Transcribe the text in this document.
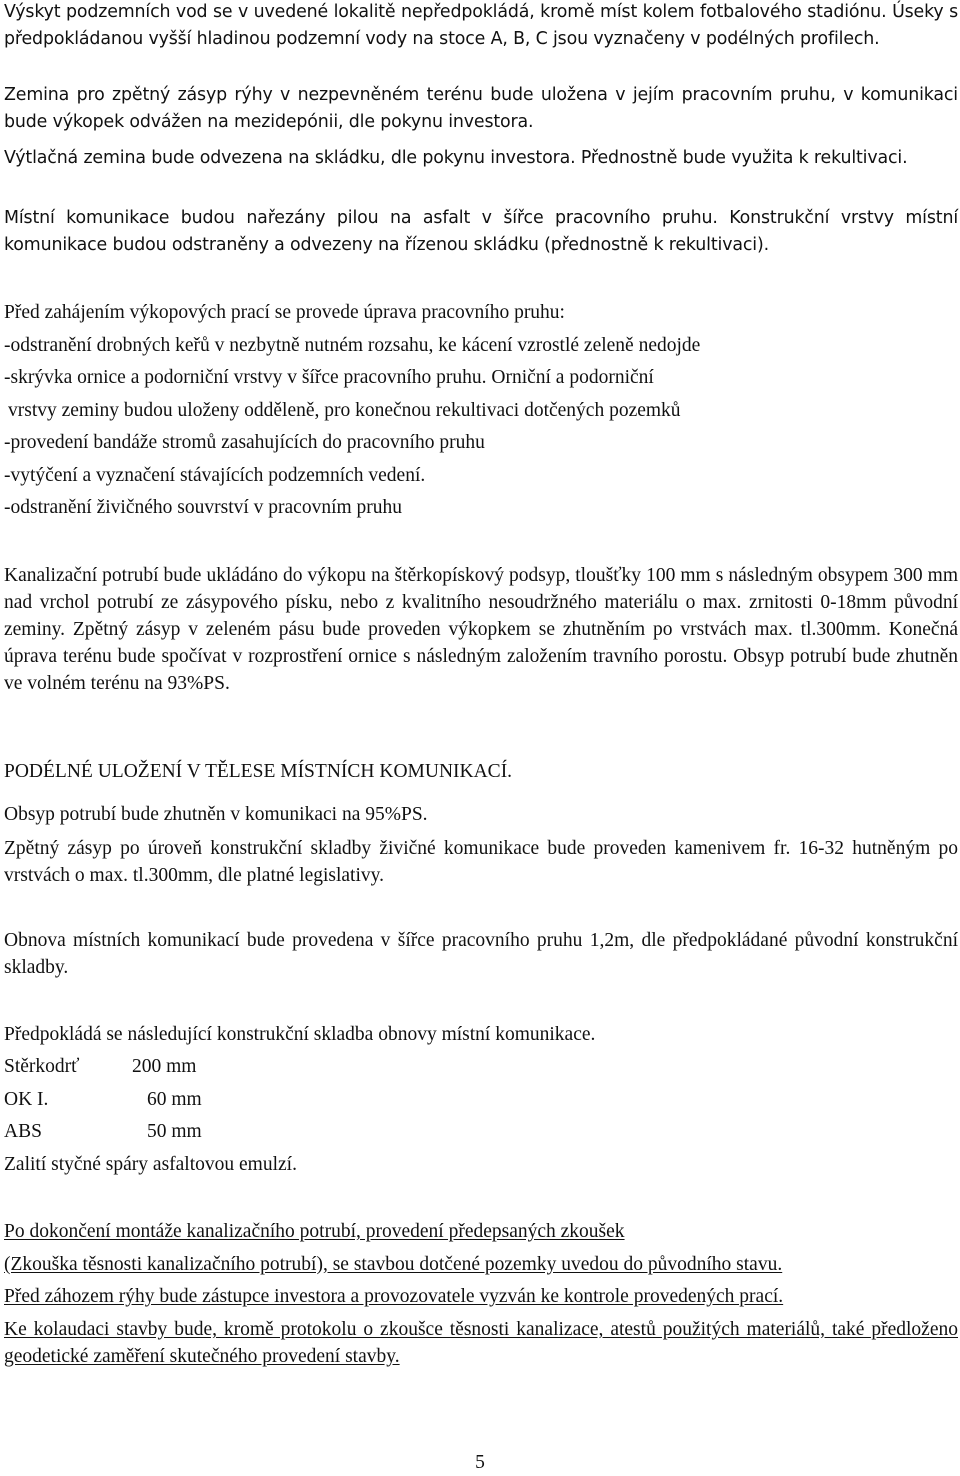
Výskyt podzemních vod se v uvedené lokalitě nepředpokládá, kromě míst kolem fotbalového stadiónu. Úseky s předpokládanou vyšší hladinou podzemní vody na stoce A, B, C jsou vyznačeny v podélných profilech.

Zemina pro zpětný zásyp rýhy v nezpevněném terénu bude uložena v jejím pracovním pruhu, v komunikaci bude výkopek odvážen na mezidepónii, dle pokynu investora.

Výtlačná zemina bude odvezena na skládku, dle pokynu investora. Přednostně bude využita k rekultivaci.

Místní komunikace budou nařezány pilou na asfalt v šířce pracovního pruhu. Konstrukční vrstvy místní komunikace budou odstraněny a odvezeny na řízenou skládku (přednostně k rekultivaci).

Před zahájením výkopových prací se provede úprava pracovního pruhu:
-odstranění drobných keřů v nezbytně nutném rozsahu, ke kácení vzrostlé zeleně nedojde
-skrývka ornice a podorniční vrstvy v šířce pracovního pruhu. Orniční a podorniční
vrstvy zeminy budou uloženy odděleně, pro konečnou rekultivaci dotčených pozemků
-provedení bandáže stromů zasahujících do pracovního pruhu
-vytýčení a vyznačení stávajících podzemních vedení.
-odstranění živičného souvrství v pracovním pruhu

Kanalizační potrubí bude ukládáno do výkopu na štěrkopískový podsyp, tloušťky 100 mm s následným obsypem 300 mm nad vrchol potrubí ze zásypového písku, nebo z kvalitního nesoudržného materiálu o max. zrnitosti 0-18mm původní zeminy. Zpětný zásyp v zeleném pásu bude proveden výkopkem se zhutněním po vrstvách max. tl.300mm. Konečná úprava terénu bude spočívat v rozprostření ornice s následným založením travního porostu. Obsyp potrubí bude zhutněn ve volném terénu na 93%PS.

PODÉLNÉ ULOŽENÍ V TĚLESE MÍSTNÍCH KOMUNIKACÍ.

Obsyp potrubí bude zhutněn v komunikaci na 95%PS.

Zpětný zásyp po úroveň konstrukční skladby živičné komunikace bude proveden kamenivem fr. 16-32 hutněným po vrstvách o max. tl.300mm, dle platné legislativy.

Obnova místních komunikací bude provedena v šířce pracovního pruhu 1,2m, dle předpokládané původní konstrukční skladby.

Předpokládá se následující konstrukční skladba obnovy místní komunikace.

Stěrkodrť	200 mm
OK I.	60 mm
ABS	50 mm
Zalití styčné spáry asfaltovou emulzí.
Po dokončení montáže kanalizačního potrubí, provedení předepsaných zkoušek
(Zkouška těsnosti kanalizačního potrubí), se stavbou dotčené pozemky uvedou do původního stavu.
Před záhozem rýhy bude zástupce investora a provozovatele vyzván ke kontrole provedených prací.

Ke kolaudaci stavby bude, kromě protokolu o zkoušce těsnosti kanalizace, atestů použitých materiálů, také předloženo geodetické zaměření skutečného provedení stavby.

5
